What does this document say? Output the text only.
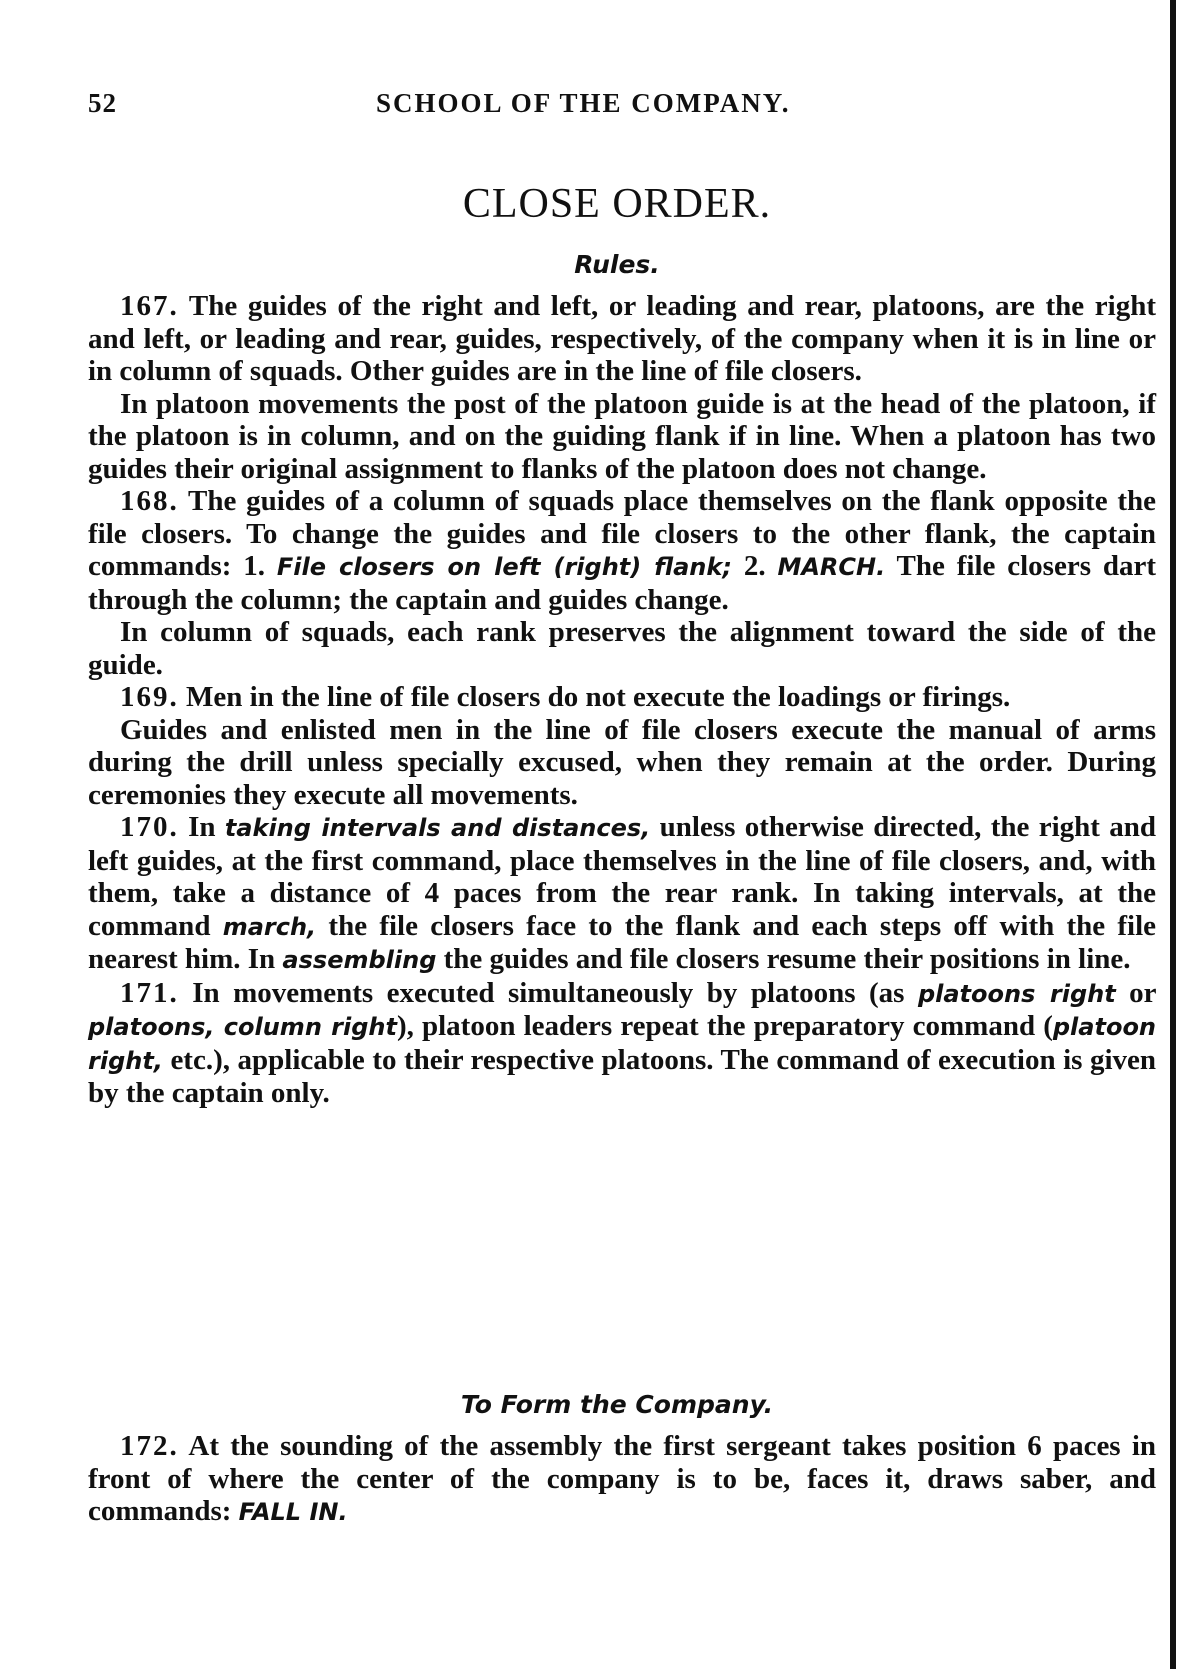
52	SCHOOL OF THE COMPANY.
CLOSE ORDER.
Rules.

167. The guides of the right and left, or leading and rear, platoons, are the right and left, or leading and rear, guides, respectively, of the company when it is in line or in column of squads. Other guides are in the line of file closers.

In platoon movements the post of the platoon guide is at the head of the platoon, if the platoon is in column, and on the guiding flank if in line. When a platoon has two guides their original assignment to flanks of the platoon does not change.

168. The guides of a column of squads place themselves on the flank opposite the file closers. To change the guides and file closers to the other flank, the captain commands: 1. File closers on left (right) flank; 2. MARCH. The file closers dart through the column; the captain and guides change.

In column of squads, each rank preserves the alignment toward the side of the guide.

169. Men in the line of file closers do not execute the loadings or firings.

Guides and enlisted men in the line of file closers execute the manual of arms during the drill unless specially excused, when they remain at the order. During ceremonies they execute all movements.

170. In taking intervals and distances, unless otherwise directed, the right and left guides, at the first command, place themselves in the line of file closers, and, with them, take a distance of 4 paces from the rear rank. In taking intervals, at the command march, the file closers face to the flank and each steps off with the file nearest him. In assembling the guides and file closers resume their positions in line.

171. In movements executed simultaneously by platoons (as platoons right or platoons, column right), platoon leaders repeat the preparatory command (platoon right, etc.), applicable to their respective platoons. The command of execution is given by the captain only.

To Form the Company.

172. At the sounding of the assembly the first sergeant takes position 6 paces in front of where the center of the company is to be, faces it, draws saber, and commands: FALL IN.
